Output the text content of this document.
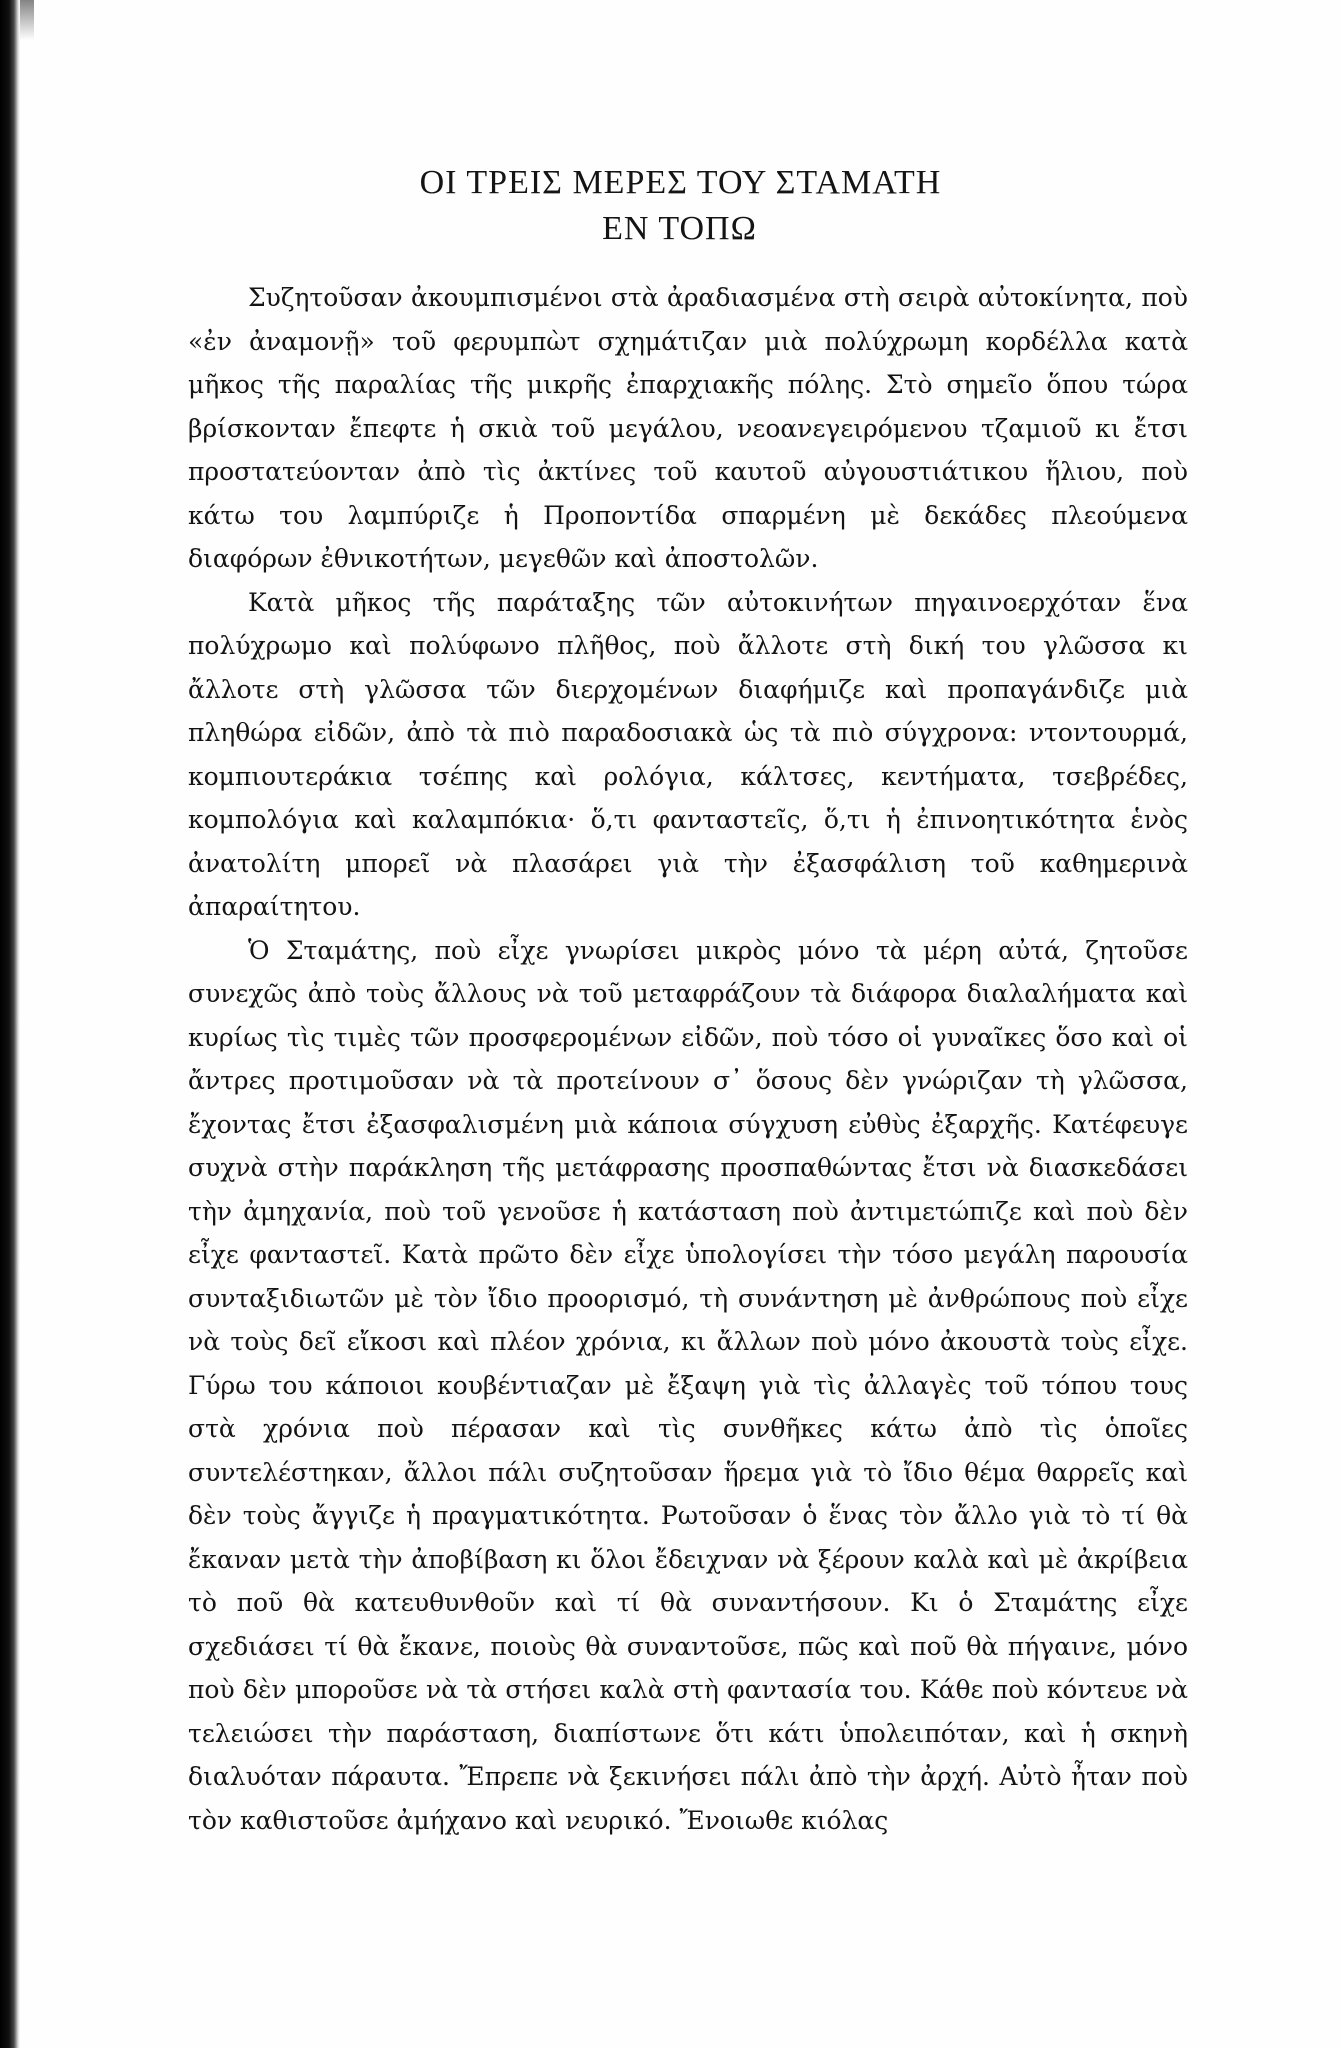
ΟΙ ΤΡΕΙΣ ΜΕΡΕΣ ΤΟΥ ΣΤΑΜΑΤΗ

ΕΝ ΤΟΠΩ

Συζητοῦσαν ἀκουμπισμένοι στὰ ἀραδιασμένα στὴ σειρὰ αὐτοκίνητα, ποὺ «ἐν ἀναμονῇ» τοῦ φερυμπὼτ σχημάτιζαν μιὰ πολύχρωμη κορδέλλα κατὰ μῆκος τῆς παραλίας τῆς μικρῆς ἐπαρχιακῆς πόλης. Στὸ σημεῖο ὅπου τώρα βρίσκονταν ἔπεφτε ἡ σκιὰ τοῦ μεγάλου, νεοανεγειρόμενου τζαμιοῦ κι ἔτσι προστατεύονταν ἀπὸ τὶς ἀκτίνες τοῦ καυτοῦ αὐγουστιάτικου ἥλιου, ποὺ κάτω του λαμπύριζε ἡ Προποντίδα σπαρμένη μὲ δεκάδες πλεούμενα διαφόρων ἐθνικοτήτων, μεγεθῶν καὶ ἀποστολῶν.

Κατὰ μῆκος τῆς παράταξης τῶν αὐτοκινήτων πηγαινοερχόταν ἕνα πολύχρωμο καὶ πολύφωνο πλῆθος, ποὺ ἄλλοτε στὴ δική του γλῶσσα κι ἄλλοτε στὴ γλῶσσα τῶν διερχομένων διαφήμιζε καὶ προπαγάνδιζε μιὰ πληθώρα εἰδῶν, ἀπὸ τὰ πιὸ παραδοσιακὰ ὡς τὰ πιὸ σύγχρονα: ντοντουρμά, κομπιουτεράκια τσέπης καὶ ρολόγια, κάλτσες, κεντήματα, τσεβρέδες, κομπολόγια καὶ καλαμπόκια· ὅ,τι φανταστεῖς, ὅ,τι ἡ ἐπινοητικότητα ἑνὸς ἀνατολίτη μπορεῖ νὰ πλασάρει γιὰ τὴν ἐξασφάλιση τοῦ καθημερινὰ ἀπαραίτητου.

Ὁ Σταμάτης, ποὺ εἶχε γνωρίσει μικρὸς μόνο τὰ μέρη αὐτά, ζητοῦσε συνεχῶς ἀπὸ τοὺς ἄλλους νὰ τοῦ μεταφράζουν τὰ διάφορα διαλαλήματα καὶ κυρίως τὶς τιμὲς τῶν προσφερομένων εἰδῶν, ποὺ τόσο οἱ γυναῖκες ὅσο καὶ οἱ ἄντρες προτιμοῦσαν νὰ τὰ προτείνουν σ᾽ ὅσους δὲν γνώριζαν τὴ γλῶσσα, ἔχοντας ἔτσι ἐξασφαλισμένη μιὰ κάποια σύγχυση εὐθὺς ἐξαρχῆς. Κατέφευγε συχνὰ στὴν παράκληση τῆς μετάφρασης προσπαθώντας ἔτσι νὰ διασκεδάσει τὴν ἀμηχανία, ποὺ τοῦ γενοῦσε ἡ κατάσταση ποὺ ἀντιμετώπιζε καὶ ποὺ δὲν εἶχε φανταστεῖ. Κατὰ πρῶτο δὲν εἶχε ὑπολογίσει τὴν τόσο μεγάλη παρουσία συνταξιδιωτῶν μὲ τὸν ἴδιο προορισμό, τὴ συνάντηση μὲ ἀνθρώπους ποὺ εἶχε νὰ τοὺς δεῖ εἴκοσι καὶ πλέον χρόνια, κι ἄλλων ποὺ μόνο ἀκουστὰ τοὺς εἶχε. Γύρω του κάποιοι κουβέντιαζαν μὲ ἔξαψη γιὰ τὶς ἀλλαγὲς τοῦ τόπου τους στὰ χρόνια ποὺ πέρασαν καὶ τὶς συνθῆκες κάτω ἀπὸ τὶς ὁποῖες συντελέστηκαν, ἄλλοι πάλι συζητοῦσαν ἥρεμα γιὰ τὸ ἴδιο θέμα θαρρεῖς καὶ δὲν τοὺς ἄγγιζε ἡ πραγματικότητα. Ρωτοῦσαν ὁ ἕνας τὸν ἄλλο γιὰ τὸ τί θὰ ἔκαναν μετὰ τὴν ἀποβίβαση κι ὅλοι ἔδειχναν νὰ ξέρουν καλὰ καὶ μὲ ἀκρίβεια τὸ ποῦ θὰ κατευθυνθοῦν καὶ τί θὰ συναντήσουν. Κι ὁ Σταμάτης εἶχε σχεδιάσει τί θὰ ἔκανε, ποιοὺς θὰ συναντοῦσε, πῶς καὶ ποῦ θὰ πήγαινε, μόνο ποὺ δὲν μποροῦσε νὰ τὰ στήσει καλὰ στὴ φαντασία του. Κάθε ποὺ κόντευε νὰ τελειώσει τὴν παράσταση, διαπίστωνε ὅτι κάτι ὑπολειπόταν, καὶ ἡ σκηνὴ διαλυόταν πάραυτα. Ἔπρεπε νὰ ξεκινήσει πάλι ἀπὸ τὴν ἀρχή. Αὐτὸ ἦταν ποὺ τὸν καθιστοῦσε ἀμήχανο καὶ νευρικό. Ἔνοιωθε κιόλας
